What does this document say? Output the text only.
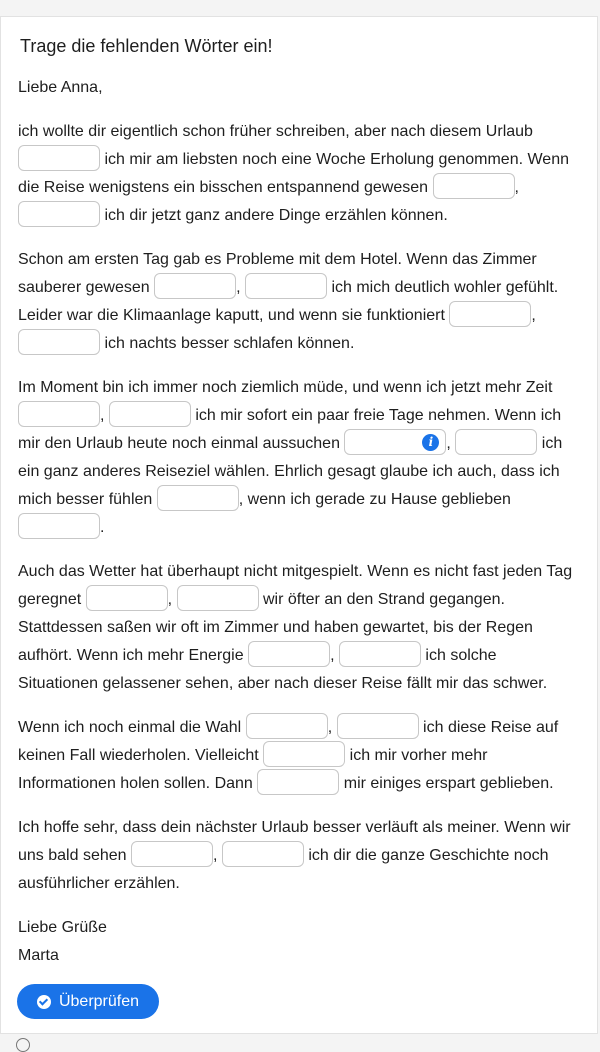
Trage die fehlenden Wörter ein!

Liebe Anna,

ich wollte dir eigentlich schon früher schreiben, aber nach diesem Urlaub  ich mir am liebsten noch eine Woche Erholung genommen. Wenn die Reise wenigstens ein bisschen entspannend gewesen	,  ich dir jetzt ganz andere Dinge erzählen können.

Schon am ersten Tag gab es Probleme mit dem Hotel. Wenn das Zimmer sauberer gewesen	,	ich mich deutlich wohler gefühlt. Leider war die Klimaanlage kaputt, und wenn sie funktioniert	,  ich nachts besser schlafen können.

Im Moment bin ich immer noch ziemlich müde, und wenn ich jetzt mehr Zeit ,	ich mir sofort ein paar freie Tage nehmen. Wenn ich mir den Urlaub heute noch einmal aussuchen	i ,	ich ein ganz anderes Reiseziel wählen. Ehrlich gesagt glaube ich auch, dass ich mich besser fühlen	, wenn ich gerade zu Hause geblieben .

Auch das Wetter hat überhaupt nicht mitgespielt. Wenn es nicht fast jeden Tag geregnet	,	wir öfter an den Strand gegangen. Stattdessen saßen wir oft im Zimmer und haben gewartet, bis der Regen aufhört. Wenn ich mehr Energie	,	ich solche Situationen gelassener sehen, aber nach dieser Reise fällt mir das schwer.

Wenn ich noch einmal die Wahl	,	ich diese Reise auf keinen Fall wiederholen. Vielleicht	ich mir vorher mehr Informationen holen sollen. Dann	mir einiges erspart geblieben.

Ich hoffe sehr, dass dein nächster Urlaub besser verläuft als meiner. Wenn wir uns bald sehen	,	ich dir die ganze Geschichte noch ausführlicher erzählen.

Liebe Grüße

Marta

Überprüfen
